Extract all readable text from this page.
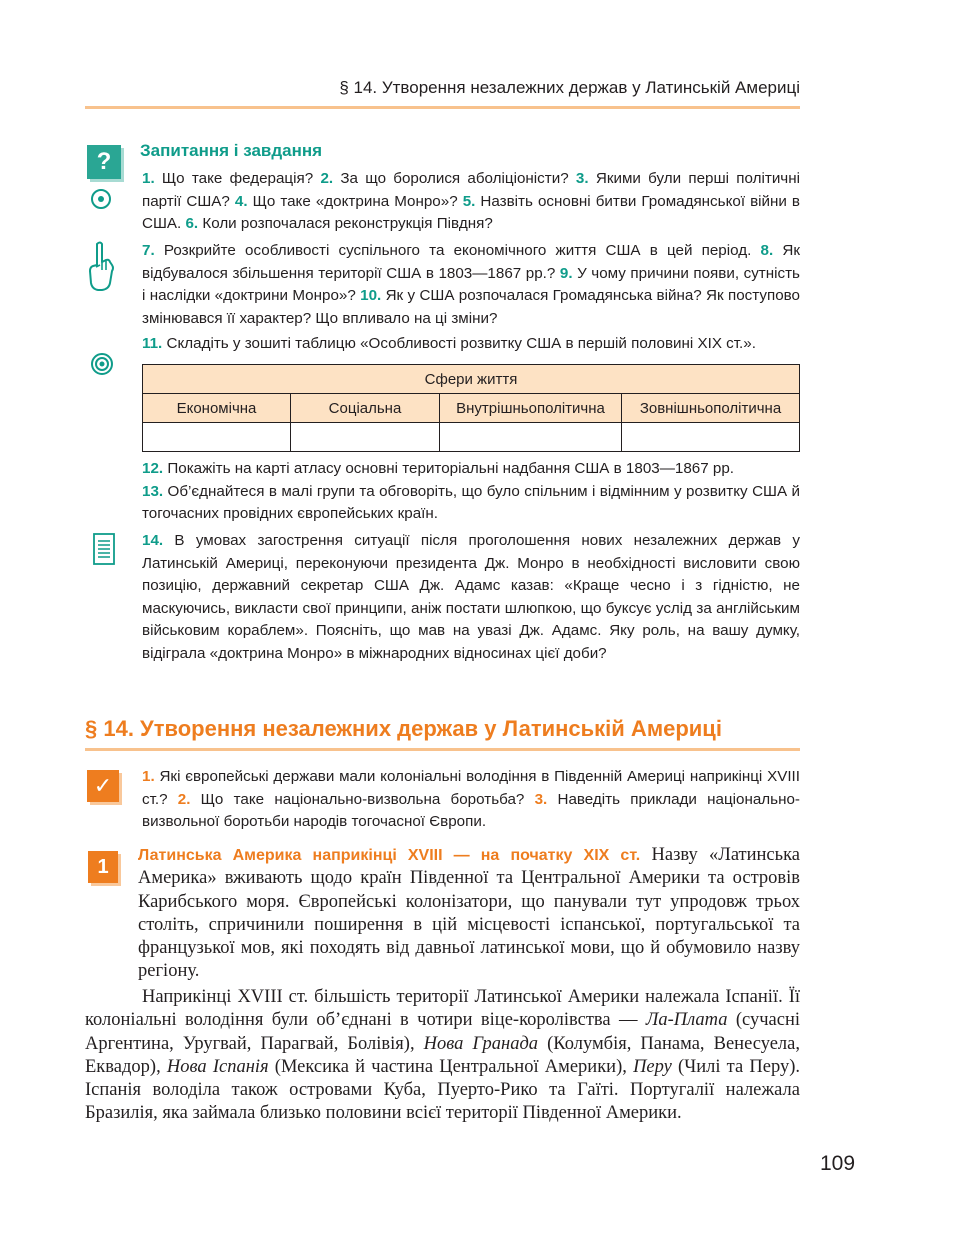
§ 14. Утворення незалежних держав у Латинській Америці
?	Запитання і завдання
1. Що таке федерація? 2. За що боролися аболіціоністи? 3. Якими були перші політичні партії США? 4. Що таке «доктрина Монро»? 5. Назвіть основні битви Громадянської війни в США. 6. Коли розпочалася реконструкція Півдня?
7. Розкрийте особливості суспільного та економічного життя США в цей період. 8. Як відбувалося збільшення території США в 1803—1867 рр.? 9. У чому причини появи, сутність і наслідки «доктрини Монро»? 10. Як у США розпочалася Громадянська війна? Як поступово змінювався її характер? Що впливало на ці зміни?
11. Складіть у зошиті таблицю «Особливості розвитку США в першій половині ХІХ ст.».
Сфери життя			
Економічна	Соціальна	Внутрішньополітична	Зовнішньополітична

12. Покажіть на карті атласу основні територіальні надбання США в 1803—1867 рр.
13. Об’єднайтеся в малі групи та обговоріть, що було спільним і відмінним у розвитку США й тогочасних провідних європейських країн.
14. В умовах загострення ситуації після проголошення нових незалежних держав у Латинській Америці, переконуючи президента Дж. Монро в необхідності висловити свою позицію, державний секретар США Дж. Адамс казав: «Краще чесно і з гідністю, не маскуючись, викласти свої принципи, аніж постати шлюпкою, що буксує услід за англійським військовим кораблем». Поясніть, що мав на увазі Дж. Адамс. Яку роль, на вашу думку, відіграла «доктрина Монро» в міжнародних відносинах цієї доби?
§ 14. Утворення незалежних держав у Латинській Америці
✓	1. Які європейські держави мали колоніальні володіння в Південній Америці наприкінці XVIII ст.? 2. Що таке національно-визвольна боротьба? 3. Наведіть приклади національно-визвольної боротьби народів тогочасної Європи.
1
Латинська Америка наприкінці XVIII — на початку XIX ст. Назву «Латинська Америка» вживають щодо країн Південної та Центральної Америки та островів Карибського моря. Європейські колонізатори, що панували тут упродовж трьох століть, спричинили поширення в цій місцевості іспанської, португальської та французької мов, які походять від давньої латинської мови, що й обумовило назву регіону.
Наприкінці XVIII ст. більшість території Латинської Америки належала Іспанії. Її колоніальні володіння були об’єднані в чотири віце-королівства — Ла-Плата (сучасні Аргентина, Уругвай, Парагвай, Болівія), Нова Гранада (Колумбія, Панама, Венесуела, Еквадор), Нова Іспанія (Мексика й частина Центральної Америки), Перу (Чилі та Перу). Іспанія володіла також островами Куба, Пуерто-Рико та Гаїті. Португалії належала Бразилія, яка займала близько половини всієї території Південної Америки.
109
